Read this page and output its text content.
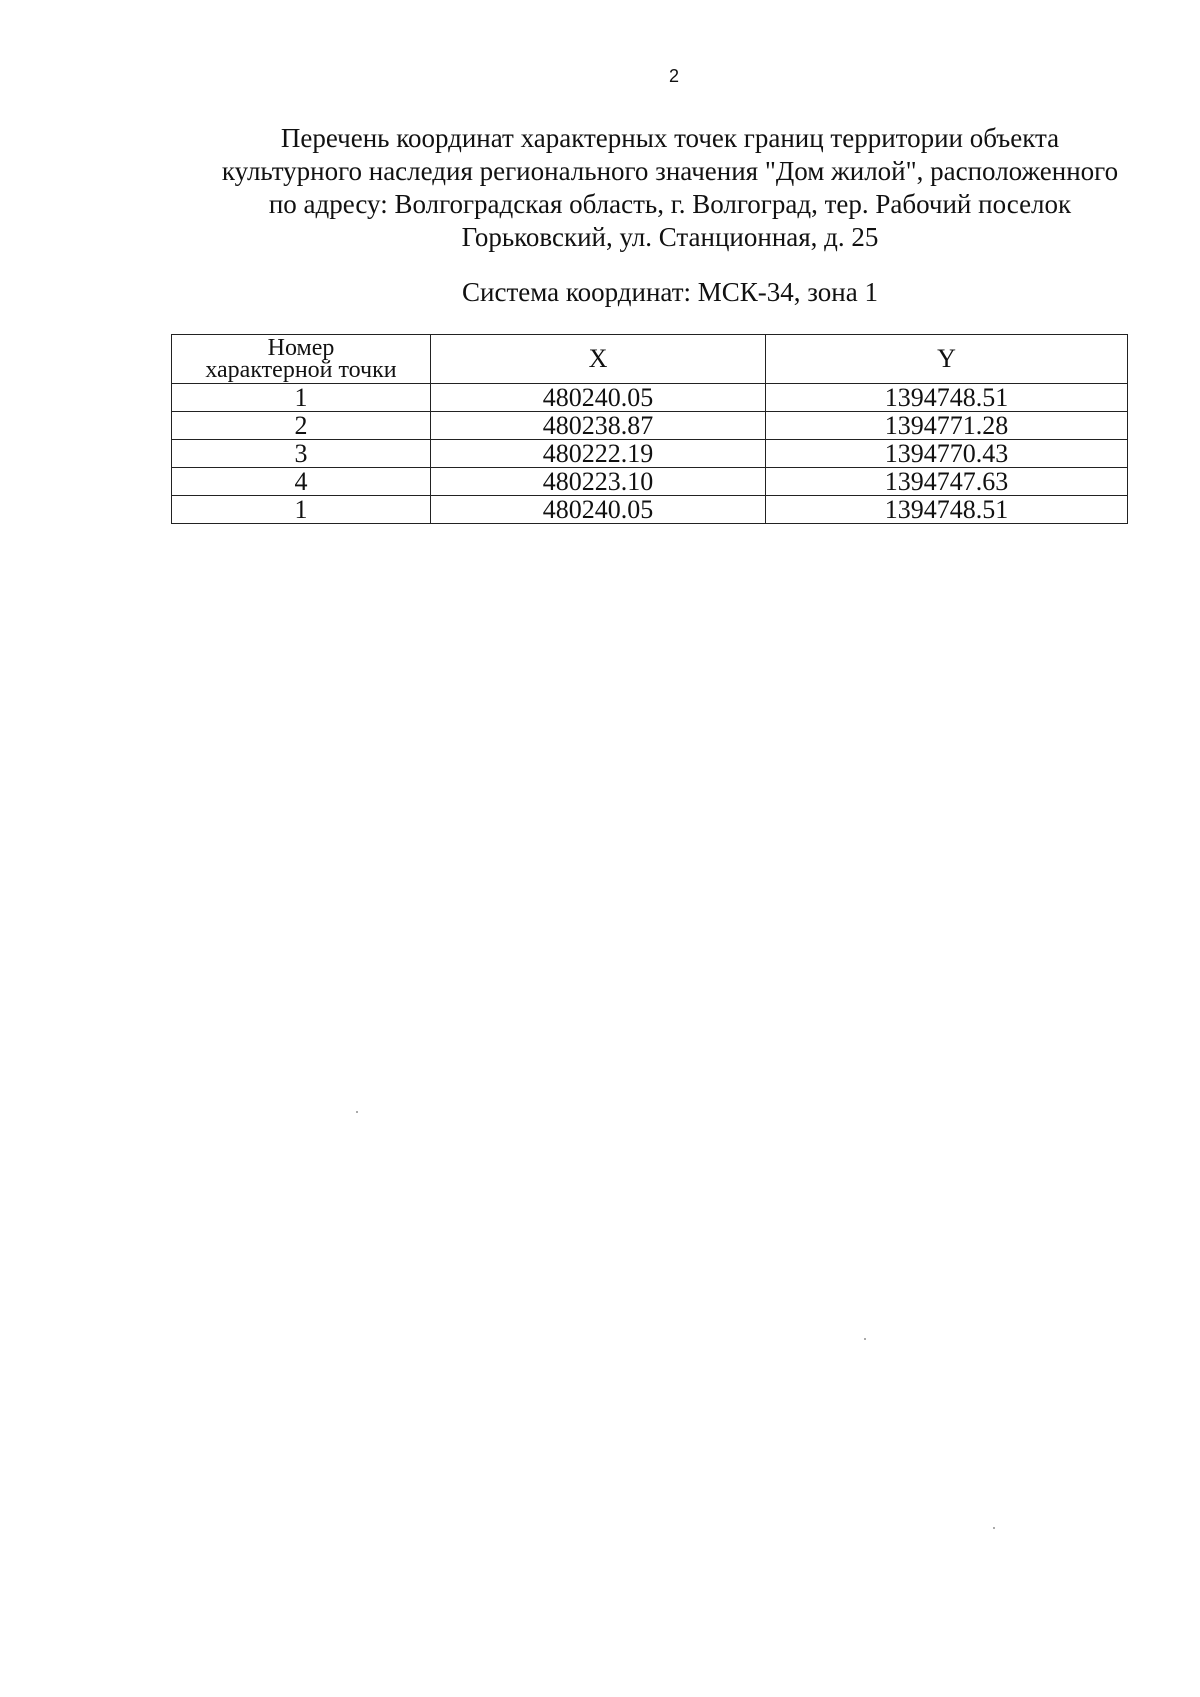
2
Перечень координат характерных точек границ территории объекта
культурного наследия регионального значения "Дом жилой", расположенного
по адресу: Волгоградская область, г. Волгоград, тер. Рабочий поселок
Горьковский, ул. Станционная, д. 25
Система координат: МСК-34, зона 1
Номер
характерной точки	X	Y
1	480240.05	1394748.51
2	480238.87	1394771.28
3	480222.19	1394770.43
4	480223.10	1394747.63
1	480240.05	1394748.51
